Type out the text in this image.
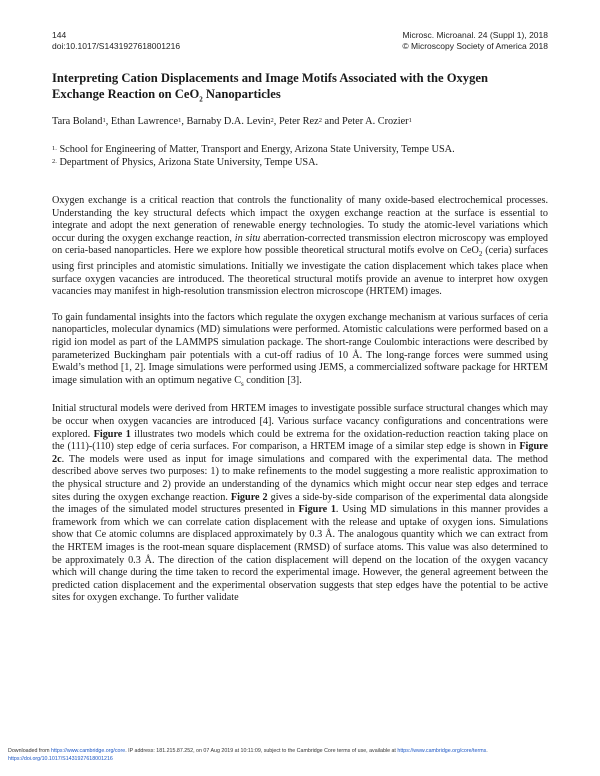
144
doi:10.1017/S1431927618001216
Microsc. Microanal. 24 (Suppl 1), 2018
© Microscopy Society of America 2018
Interpreting Cation Displacements and Image Motifs Associated with the Oxygen
Exchange Reaction on CeO$_2$ Nanoparticles
Tara Boland$^1$, Ethan Lawrence$^1$, Barnaby D.A. Levin$^2$, Peter Rez$^2$ and Peter A. Crozier$^1$
$^{1.}$ School for Engineering of Matter, Transport and Energy, Arizona State University, Tempe USA.
$^{2.}$ Department of Physics, Arizona State University, Tempe USA.

Oxygen exchange is a critical reaction that controls the functionality of many oxide-based electrochemical processes. Understanding the key structural defects which impact the oxygen exchange reaction at the surface is essential to integrate and adopt the next generation of renewable energy technologies. To study the atomic-level variations which occur during the oxygen exchange reaction, in situ aberration-corrected transmission electron microscopy was employed on ceria-based nanoparticles. Here we explore how possible theoretical structural motifs evolve on CeO$_2$ (ceria) surfaces using first principles and atomistic simulations. Initially we investigate the cation displacement which takes place when surface oxygen vacancies are introduced. The theoretical structural motifs provide an avenue to interpret how oxygen vacancies may manifest in high-resolution transmission electron microscope (HRTEM) images.

To gain fundamental insights into the factors which regulate the oxygen exchange mechanism at various surfaces of ceria nanoparticles, molecular dynamics (MD) simulations were performed. Atomistic calculations were performed based on a rigid ion model as part of the LAMMPS simulation package. The short-range Coulombic interactions were described by parameterized Buckingham pair potentials with a cut-off radius of 10 Å. The long-range forces were summed using Ewald’s method [1, 2]. Image simulations were performed using JEMS, a commercialized software package for HRTEM image simulation with an optimum negative $C_s$ condition [3].

Initial structural models were derived from HRTEM images to investigate possible surface structural changes which may be occur when oxygen vacancies are introduced [4]. Various surface vacancy configurations and concentrations were explored. Figure 1 illustrates two models which could be extrema for the oxidation-reduction reaction taking place on the (111)-(110) step edge of ceria surfaces. For comparison, a HRTEM image of a similar step edge is shown in Figure 2c. The models were used as input for image simulations and compared with the experimental data. The method described above serves two purposes: 1) to make refinements to the model suggesting a more realistic approximation to the physical structure and 2) provide an understanding of the dynamics which might occur near step edges and terrace sites during the oxygen exchange reaction. Figure 2 gives a side-by-side comparison of the experimental data alongside the images of the simulated model structures presented in Figure 1. Using MD simulations in this manner provides a framework from which we can correlate cation displacement with the release and uptake of oxygen ions. Simulations show that Ce atomic columns are displaced approximately by 0.3 Å. The analogous quantity which we can extract from the HRTEM images is the root-mean square displacement (RMSD) of surface atoms. This value was also determined to be approximately 0.3 Å. The direction of the cation displacement will depend on the location of the oxygen vacancy which will change during the time taken to record the experimental image. However, the general agreement between the predicted cation displacement and the experimental observation suggests that step edges have the potential to be active sites for oxygen exchange. To further validate

Downloaded from https://www.cambridge.org/core. IP address: 181.215.87.252, on 07 Aug 2019 at 10:11:09, subject to the Cambridge Core terms of use, available at https://www.cambridge.org/core/terms.
https://doi.org/10.1017/S1431927618001216
